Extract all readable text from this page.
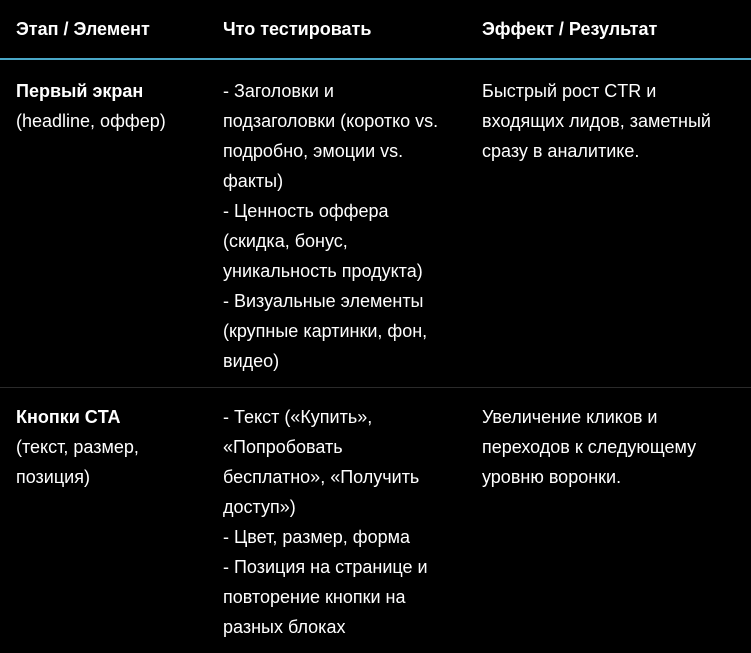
Этап / Элемент	Что тестировать	Эффект / Результат
Первый экран
(headline, оффер)
- Заголовки и
подзаголовки (коротко vs.
подробно, эмоции vs.
факты)
- Ценность оффера
(скидка, бонус,
уникальность продукта)
- Визуальные элементы
(крупные картинки, фон,
видео)
Быстрый рост CTR и
входящих лидов, заметный
сразу в аналитике.
Кнопки CTA
(текст, размер,
позиция)
- Текст («Купить»,
«Попробовать
бесплатно», «Получить
доступ»)
- Цвет, размер, форма
- Позиция на странице и
повторение кнопки на
разных блоках
Увеличение кликов и
переходов к следующему
уровню воронки.
